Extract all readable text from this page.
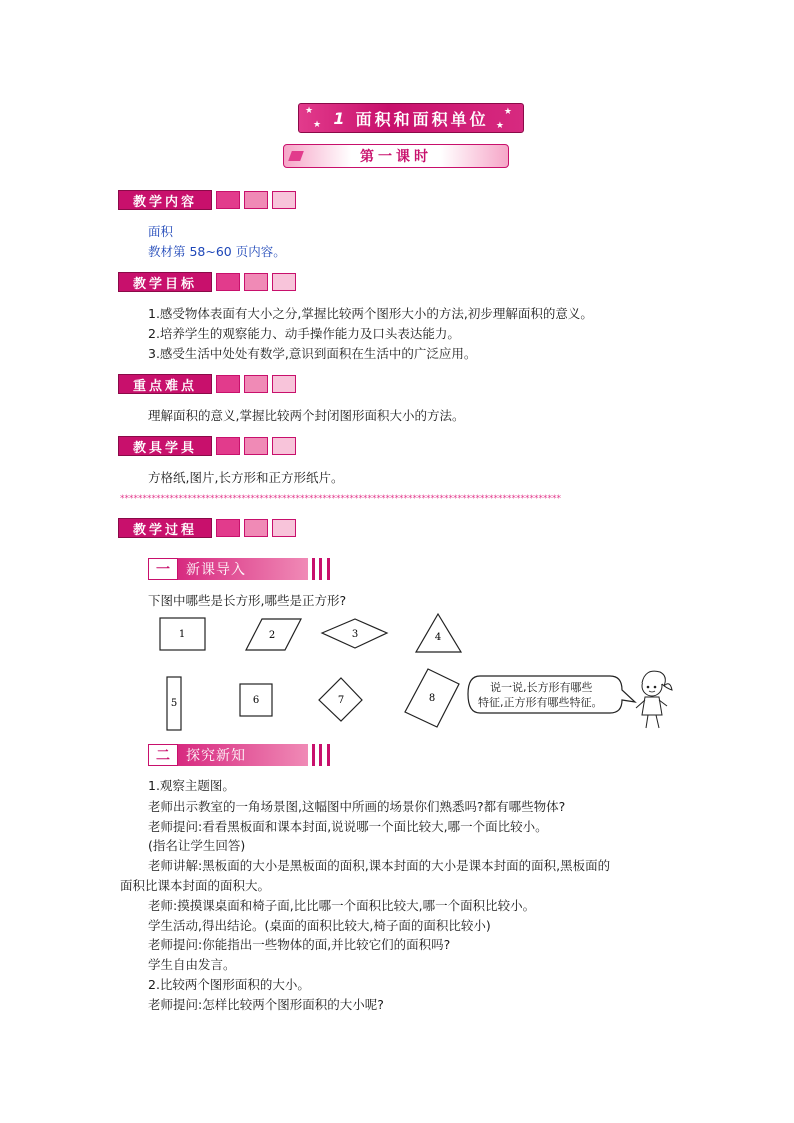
★
★
★
★
1 面积和面积单位
第一课时
教学内容
面积
教材第 58~60 页内容。
教学目标
1.感受物体表面有大小之分,掌握比较两个图形大小的方法,初步理解面积的意义。
2.培养学生的观察能力、动手操作能力及口头表达能力。
3.感受生活中处处有数学,意识到面积在生活中的广泛应用。
重点难点
理解面积的意义,掌握比较两个封闭图形面积大小的方法。
教具学具
方格纸,图片,长方形和正方形纸片。
**************************************************************************************************
教学过程
一	新课导入
下图中哪些是长方形,哪些是正方形?
1	2	3	4
5	6	7	8
说一说,长方形有哪些
特征,正方形有哪些特征。
二	探究新知
1.观察主题图。
老师出示教室的一角场景图,这幅图中所画的场景你们熟悉吗?都有哪些物体?
老师提问:看看黑板面和课本封面,说说哪一个面比较大,哪一个面比较小。
(指名让学生回答)
老师讲解:黑板面的大小是黑板面的面积,课本封面的大小是课本封面的面积,黑板面的
面积比课本封面的面积大。
老师:摸摸课桌面和椅子面,比比哪一个面积比较大,哪一个面积比较小。
学生活动,得出结论。(桌面的面积比较大,椅子面的面积比较小)
老师提问:你能指出一些物体的面,并比较它们的面积吗?
学生自由发言。
2.比较两个图形面积的大小。
老师提问:怎样比较两个图形面积的大小呢?
